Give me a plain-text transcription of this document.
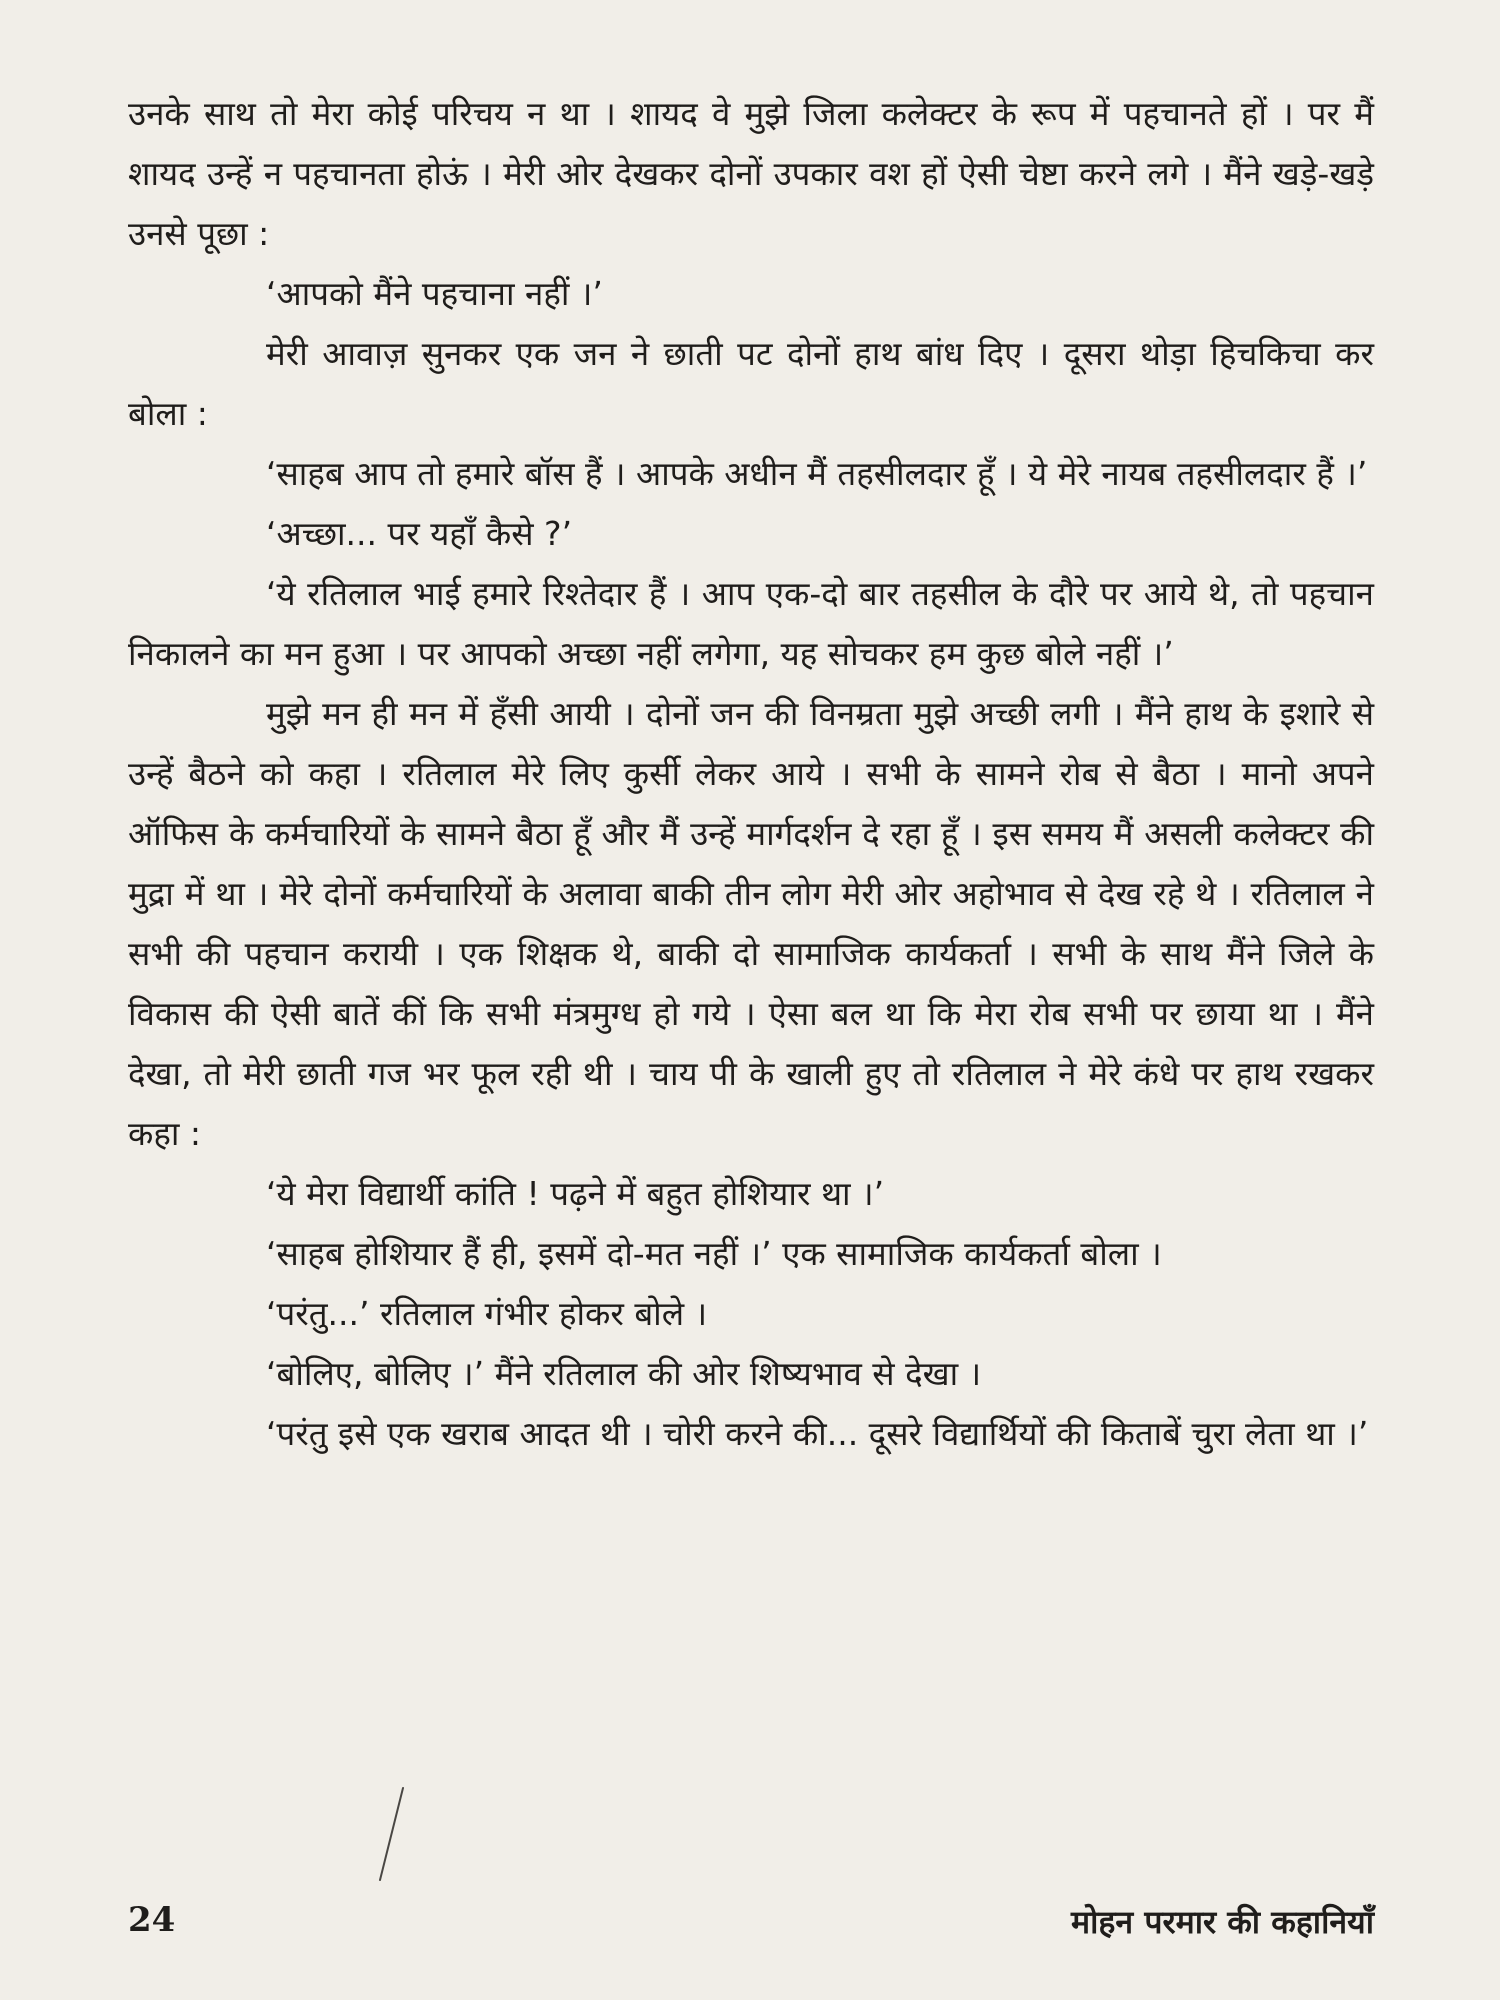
उनके साथ तो मेरा कोई परिचय न था । शायद वे मुझे जिला कलेक्टर के रूप में पहचानते हों । पर मैं शायद उन्हें न पहचानता होऊं । मेरी ओर देखकर दोनों उपकार वश हों ऐसी चेष्टा करने लगे । मैंने खड़े-खड़े उनसे पूछा :

‘आपको मैंने पहचाना नहीं ।’

मेरी आवाज़ सुनकर एक जन ने छाती पट दोनों हाथ बांध दिए । दूसरा थोड़ा हिचकिचा कर बोला :

‘साहब आप तो हमारे बॉस हैं । आपके अधीन मैं तहसीलदार हूँ । ये मेरे नायब तहसीलदार हैं ।’

‘अच्छा... पर यहाँ कैसे ?’

‘ये रतिलाल भाई हमारे रिश्तेदार हैं । आप एक-दो बार तहसील के दौरे पर आये थे, तो पहचान निकालने का मन हुआ । पर आपको अच्छा नहीं लगेगा, यह सोचकर हम कुछ बोले नहीं ।’

मुझे मन ही मन में हँसी आयी । दोनों जन की विनम्रता मुझे अच्छी लगी । मैंने हाथ के इशारे से उन्हें बैठने को कहा । रतिलाल मेरे लिए कुर्सी लेकर आये । सभी के सामने रोब से बैठा । मानो अपने ऑफिस के कर्मचारियों के सामने बैठा हूँ और मैं उन्हें मार्गदर्शन दे रहा हूँ । इस समय मैं असली कलेक्टर की मुद्रा में था । मेरे दोनों कर्मचारियों के अलावा बाकी तीन लोग मेरी ओर अहोभाव से देख रहे थे । रतिलाल ने सभी की पहचान करायी । एक शिक्षक थे, बाकी दो सामाजिक कार्यकर्ता । सभी के साथ मैंने जिले के विकास की ऐसी बातें कीं कि सभी मंत्रमुग्ध हो गये । ऐसा बल था कि मेरा रोब सभी पर छाया था । मैंने देखा, तो मेरी छाती गज भर फूल रही थी । चाय पी के खाली हुए तो रतिलाल ने मेरे कंधे पर हाथ रखकर कहा :

‘ये मेरा विद्यार्थी कांति ! पढ़ने में बहुत होशियार था ।’

‘साहब होशियार हैं ही, इसमें दो-मत नहीं ।’ एक सामाजिक कार्यकर्ता बोला ।

‘परंतु...’ रतिलाल गंभीर होकर बोले ।

‘बोलिए, बोलिए ।’ मैंने रतिलाल की ओर शिष्यभाव से देखा ।

‘परंतु इसे एक खराब आदत थी । चोरी करने की... दूसरे विद्यार्थियों की किताबें चुरा लेता था ।’

24	मोहन परमार की कहानियाँ
